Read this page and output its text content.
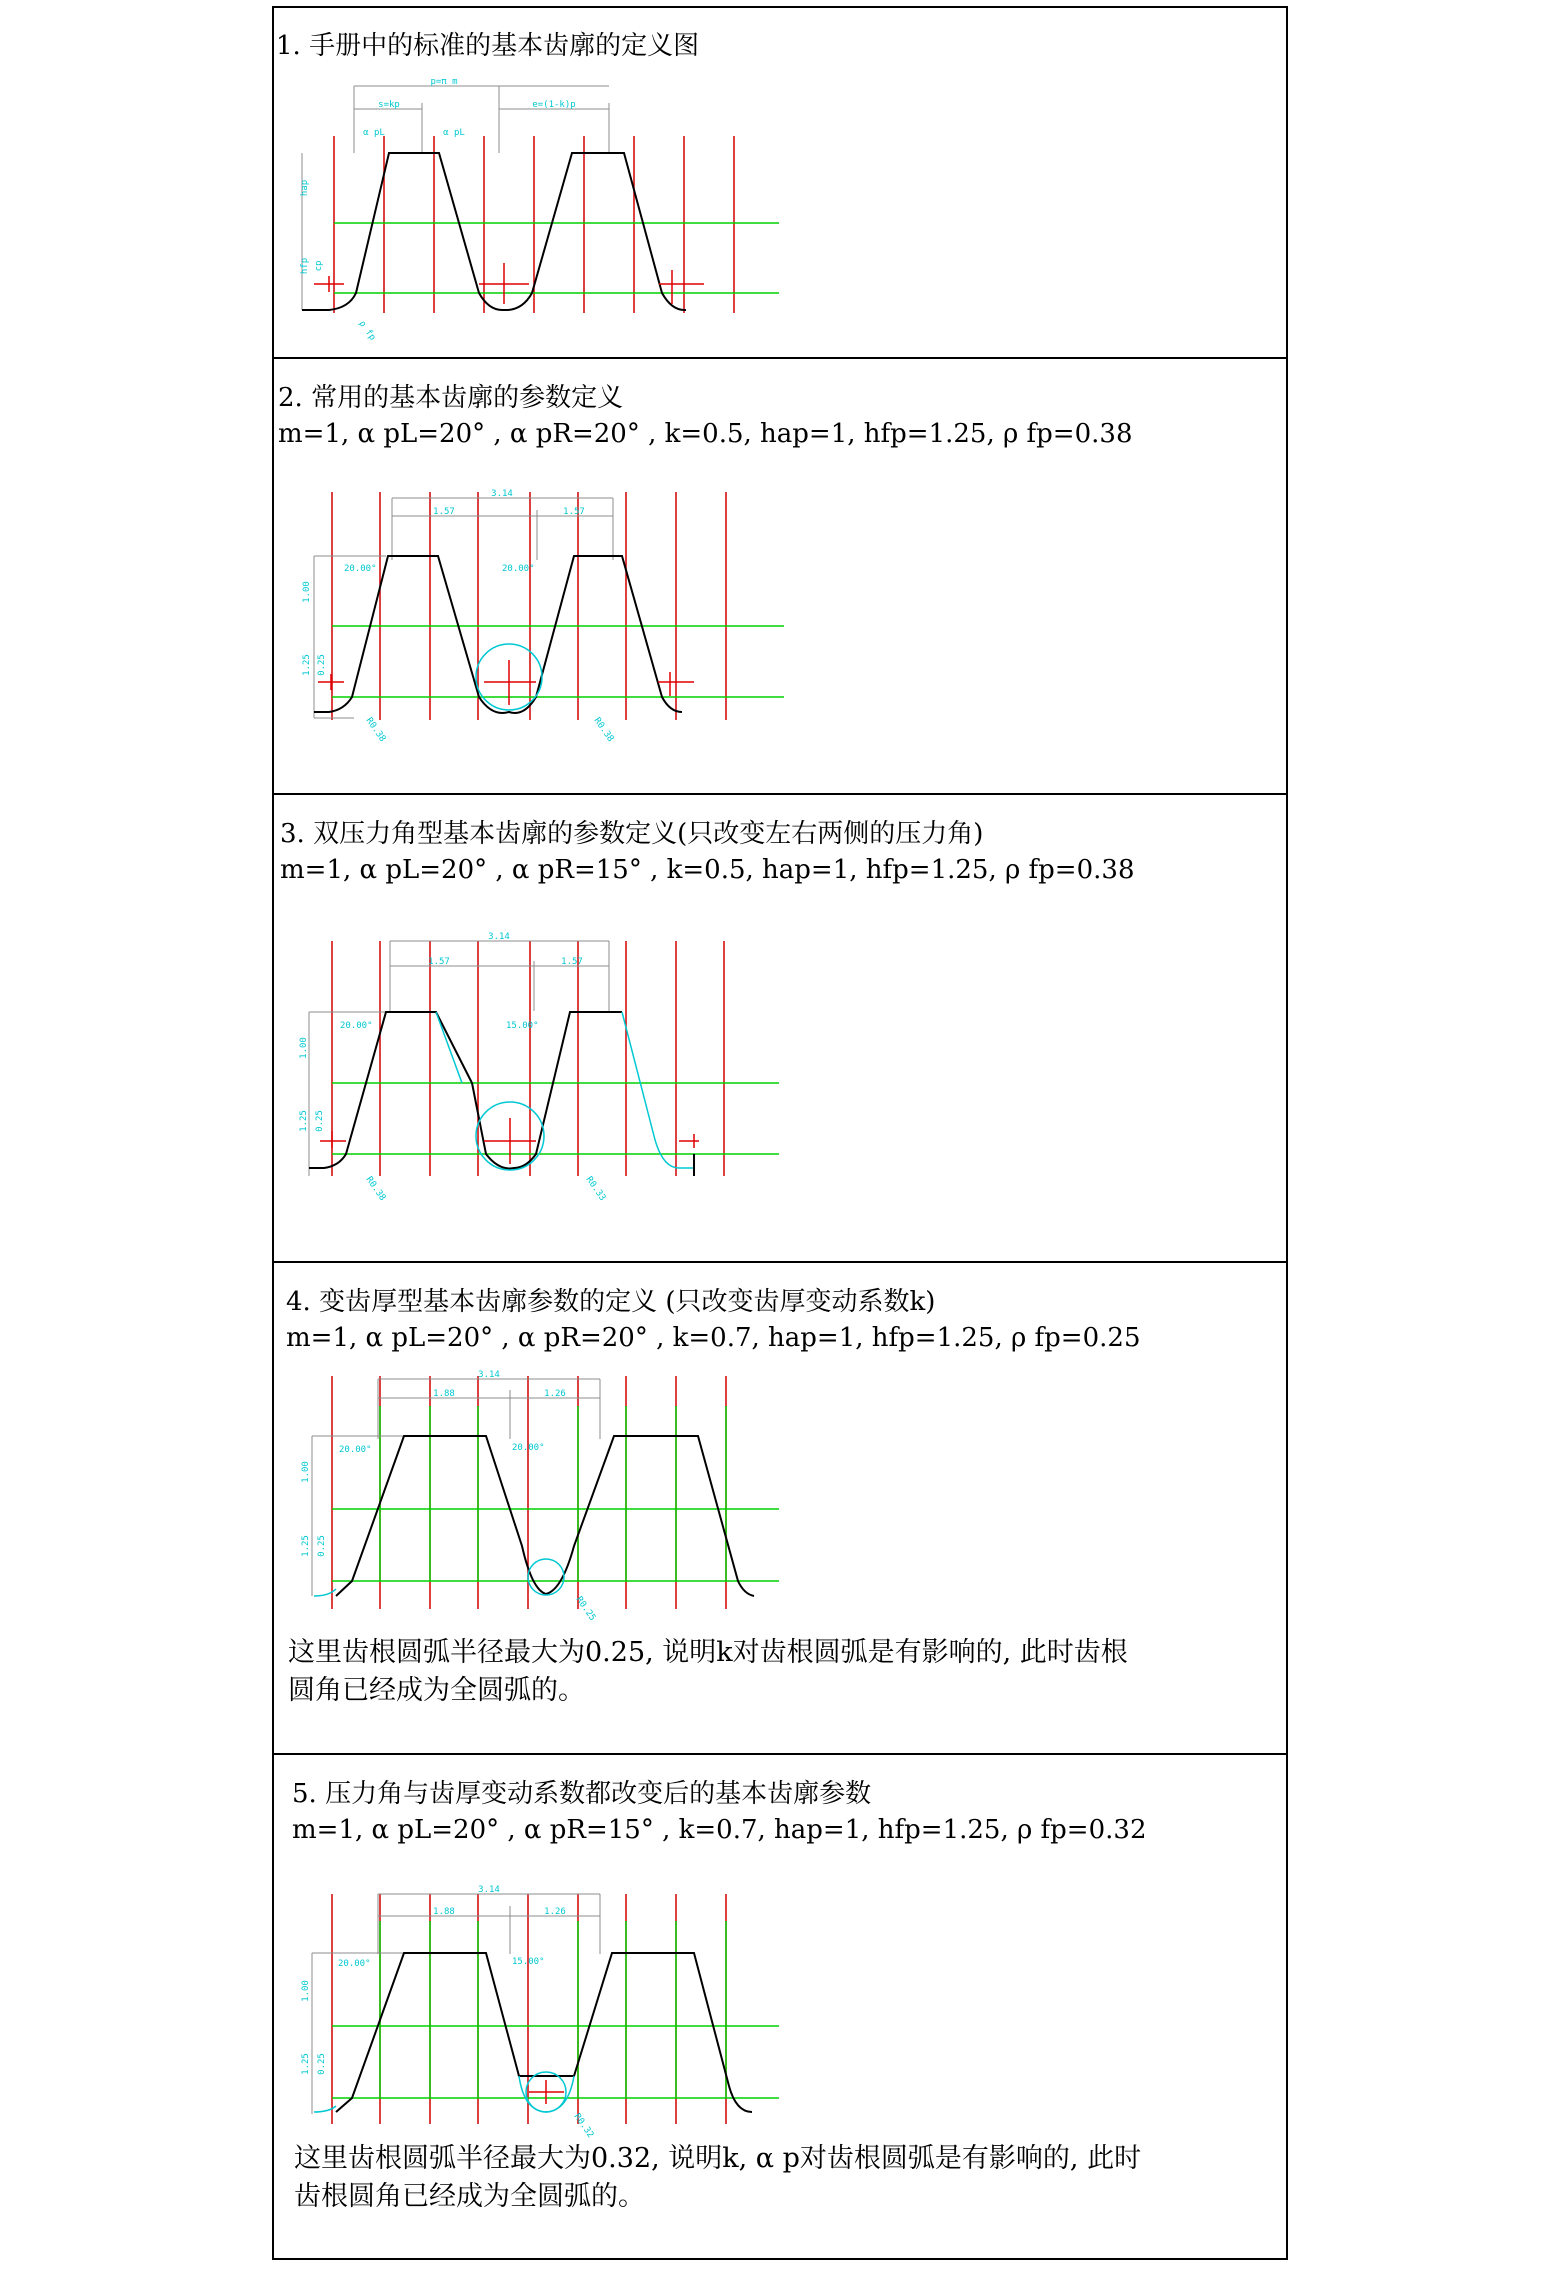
1. 手册中的标准的基本齿廓的定义图
p=π m
s=kp	e=(1-k)p
α pL	α pL
hap
hfp cp
ρ fp
2. 常用的基本齿廓的参数定义
m=1, α pL=20° , α pR=20° , k=0.5, hap=1, hfp=1.25, ρ fp=0.38
3.14
1.57	1.57
20.00°	20.00°
1.00
1.25 0.25
R0.38	R0.38
3. 双压力角型基本齿廓的参数定义(只改变左右两侧的压力角)
m=1, α pL=20° , α pR=15° , k=0.5, hap=1, hfp=1.25, ρ fp=0.38
3.14
1.57	1.57
20.00°	15.00°
1.00
1.25 0.25
R0.38	R0.33
4. 变齿厚型基本齿廓参数的定义 (只改变齿厚变动系数k)
m=1, α pL=20° , α pR=20° , k=0.7, hap=1, hfp=1.25, ρ fp=0.25
3.14
1.88	1.26
20.00°	20.00°
1.00
1.25 0.25
R0.25
这里齿根圆弧半径最大为0.25, 说明k对齿根圆弧是有影响的, 此时齿根
圆角已经成为全圆弧的。
5. 压力角与齿厚变动系数都改变后的基本齿廓参数
m=1, α pL=20° , α pR=15° , k=0.7, hap=1, hfp=1.25, ρ fp=0.32
3.14
1.88	1.26
20.00°	15.00°
1.00
1.25 0.25
R0.32
这里齿根圆弧半径最大为0.32, 说明k, α p对齿根圆弧是有影响的, 此时
齿根圆角已经成为全圆弧的。
